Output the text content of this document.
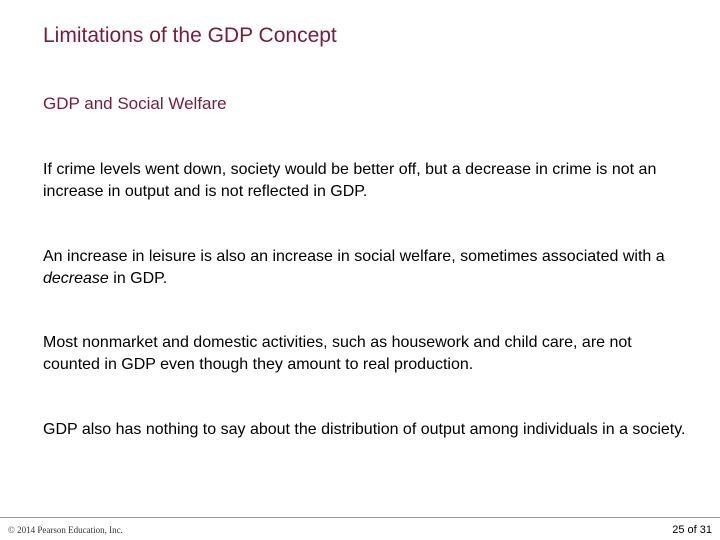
Limitations of the GDP Concept
GDP and Social Welfare
If crime levels went down, society would be better off, but a decrease in crime is not an increase in output and is not reflected in GDP.
An increase in leisure is also an increase in social welfare, sometimes associated with a decrease in GDP.
Most nonmarket and domestic activities, such as housework and child care, are not counted in GDP even though they amount to real production.
GDP also has nothing to say about the distribution of output among individuals in a society.
© 2014 Pearson Education, Inc.	25 of 31
